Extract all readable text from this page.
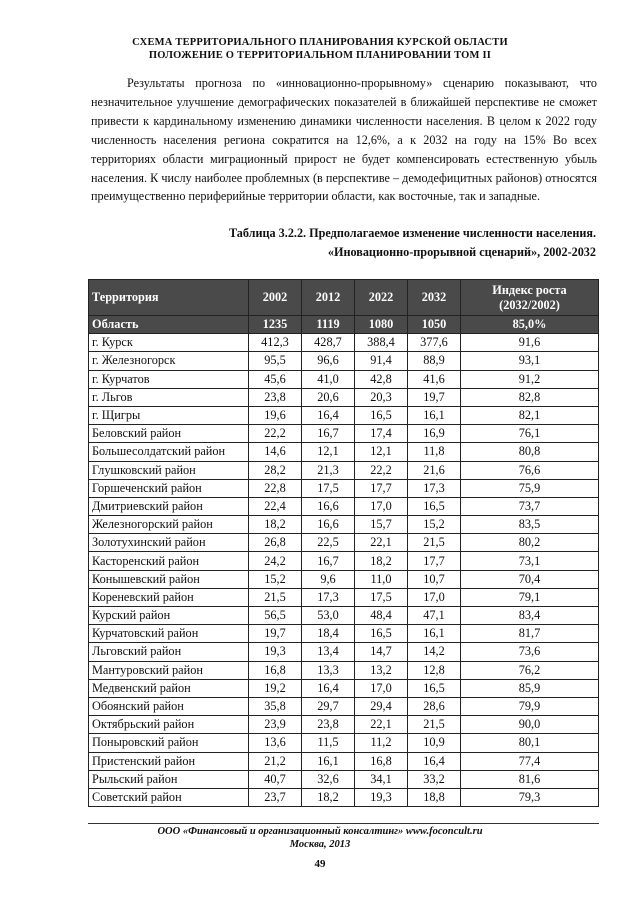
СХЕМА ТЕРРИТОРИАЛЬНОГО ПЛАНИРОВАНИЯ КУРСКОЙ ОБЛАСТИ
ПОЛОЖЕНИЕ О ТЕРРИТОРИАЛЬНОМ ПЛАНИРОВАНИИ ТОМ II

Результаты прогноза по «инновационно-прорывному» сценарию показывают, что незначительное улучшение демографических показателей в ближайшей перспективе не сможет привести к кардинальному изменению динамики численности населения. В целом к 2022 году численность населения региона сократится на 12,6%, а к 2032 на году на 15% Во всех территориях области миграционный прирост не будет компенсировать естественную убыль населения. К числу наиболее проблемных (в перспективе – демодефицитных районов) относятся преимущественно периферийные территории области, как восточные, так и западные.

Таблица 3.2.2. Предполагаемое изменение численности населения.
«Иновационно-прорывной сценарий», 2002-2032
Территория	2002	2012	2022	2032	Индекс роста
(2032/2002)
Область	1235	1119	1080	1050	85,0%
г. Курск	412,3	428,7	388,4	377,6	91,6
г. Железногорск	95,5	96,6	91,4	88,9	93,1
г. Курчатов	45,6	41,0	42,8	41,6	91,2
г. Льгов	23,8	20,6	20,3	19,7	82,8
г. Щигры	19,6	16,4	16,5	16,1	82,1
Беловский район	22,2	16,7	17,4	16,9	76,1
Большесолдатский район	14,6	12,1	12,1	11,8	80,8
Глушковский район	28,2	21,3	22,2	21,6	76,6
Горшеченский район	22,8	17,5	17,7	17,3	75,9
Дмитриевский район	22,4	16,6	17,0	16,5	73,7
Железногорский район	18,2	16,6	15,7	15,2	83,5
Золотухинский район	26,8	22,5	22,1	21,5	80,2
Касторенский район	24,2	16,7	18,2	17,7	73,1
Конышевский район	15,2	9,6	11,0	10,7	70,4
Кореневский район	21,5	17,3	17,5	17,0	79,1
Курский район	56,5	53,0	48,4	47,1	83,4
Курчатовский район	19,7	18,4	16,5	16,1	81,7
Льговский район	19,3	13,4	14,7	14,2	73,6
Мантуровский район	16,8	13,3	13,2	12,8	76,2
Медвенский район	19,2	16,4	17,0	16,5	85,9
Обоянский район	35,8	29,7	29,4	28,6	79,9
Октябрьский район	23,9	23,8	22,1	21,5	90,0
Поныровский район	13,6	11,5	11,2	10,9	80,1
Пристенский район	21,2	16,1	16,8	16,4	77,4
Рыльский район	40,7	32,6	34,1	33,2	81,6
Советский район	23,7	18,2	19,3	18,8	79,3
ООО «Финансовый и организационный консалтинг» www.foconcult.ru
Москва, 2013
49
